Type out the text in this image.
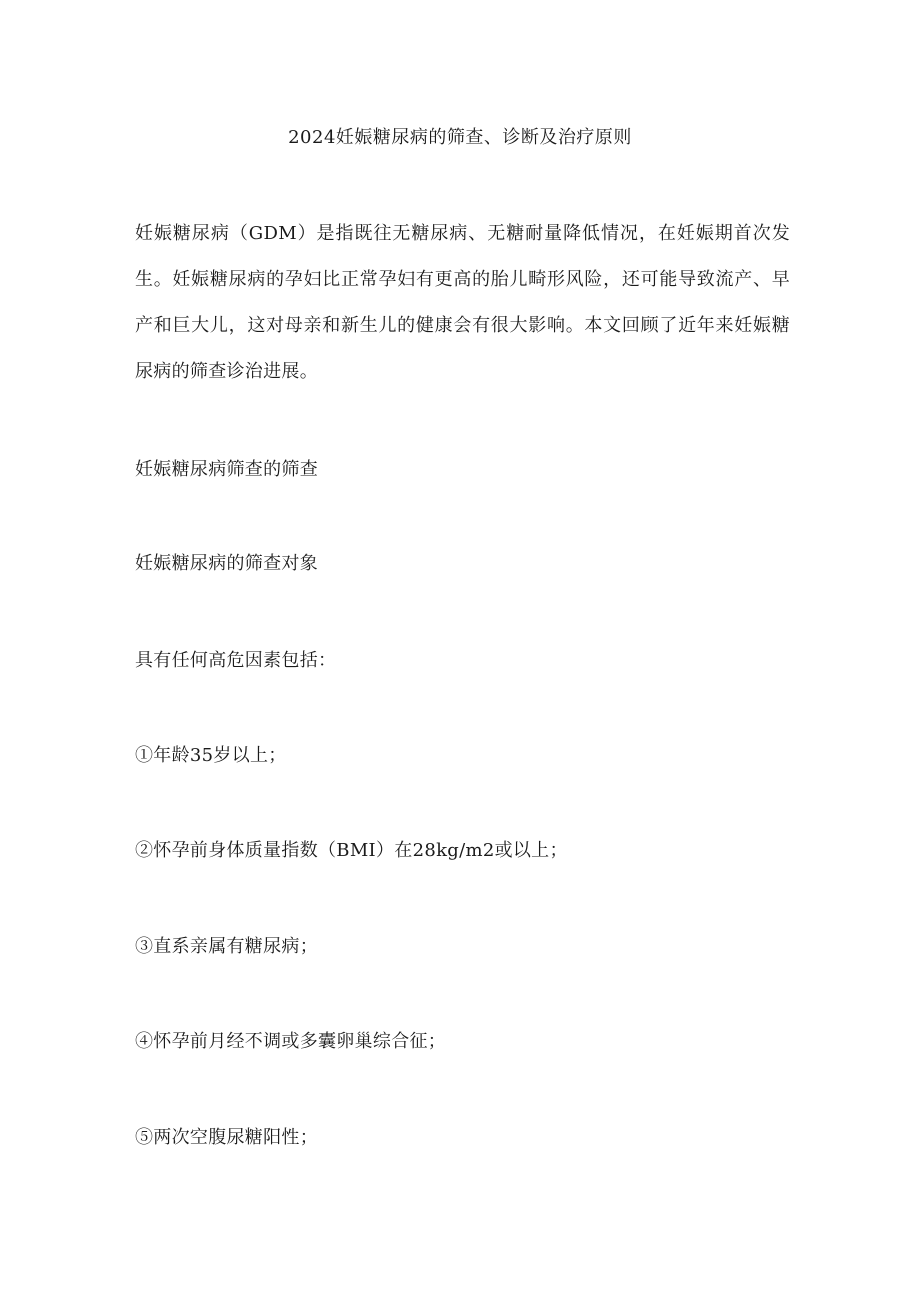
2024妊娠糖尿病的筛查、诊断及治疗原则

妊娠糖尿病（GDM）是指既往无糖尿病、无糖耐量降低情况，在妊娠期首次发生。妊娠糖尿病的孕妇比正常孕妇有更高的胎儿畸形风险，还可能导致流产、早产和巨大儿，这对母亲和新生儿的健康会有很大影响。本文回顾了近年来妊娠糖尿病的筛查诊治进展。

妊娠糖尿病筛查的筛查

妊娠糖尿病的筛查对象

具有任何高危因素包括：

①年龄35岁以上；

②怀孕前身体质量指数（BMI）在28kg/m2或以上；

③直系亲属有糖尿病；

④怀孕前月经不调或多囊卵巢综合征；

⑤两次空腹尿糖阳性；
